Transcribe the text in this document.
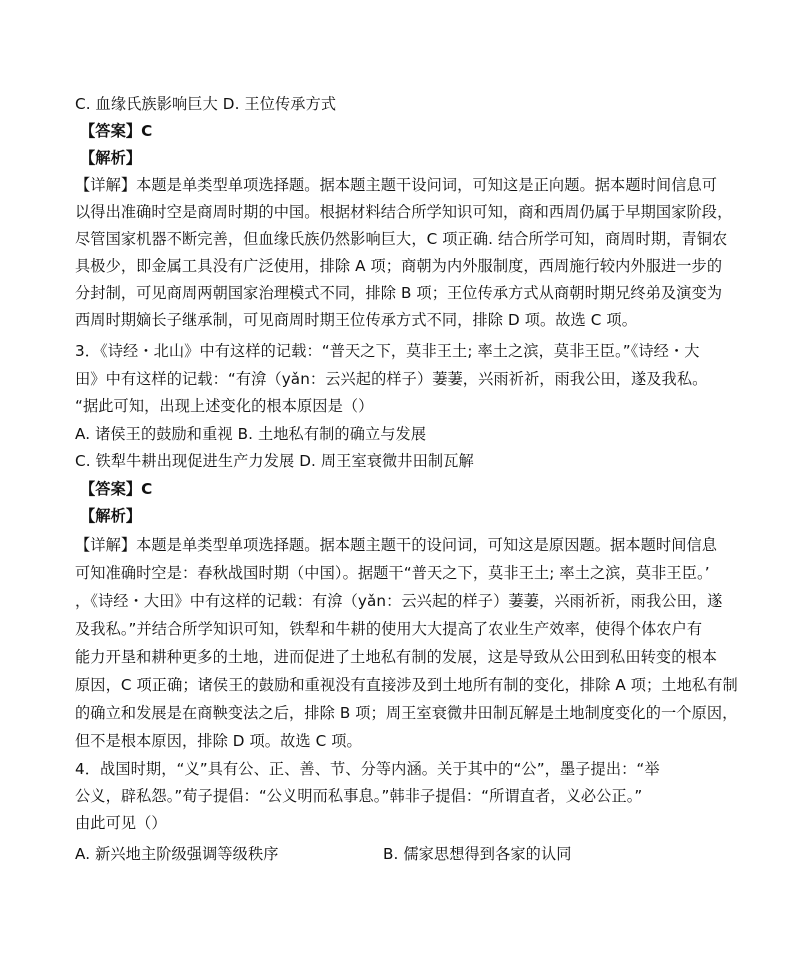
C. 血缘氏族影响巨大 D. 王位传承方式
【答案】C
【解析】
【详解】本题是单类型单项选择题。据本题主题干设问词，可知这是正向题。据本题时间信息可
以得出准确时空是商周时期的中国。根据材料结合所学知识可知，商和西周仍属于早期国家阶段，
尽管国家机器不断完善，但血缘氏族仍然影响巨大，C 项正确. 结合所学可知，商周时期，青铜农
具极少，即金属工具没有广泛使用，排除 A 项；商朝为内外服制度，西周施行较内外服进一步的
分封制，可见商周两朝国家治理模式不同，排除 B 项；王位传承方式从商朝时期兄终弟及演变为
西周时期嫡长子继承制，可见商周时期王位传承方式不同，排除 D 项。故选 C 项。
3．《诗经・北山》中有这样的记载：“普天之下，莫非王土; 率土之滨，莫非王臣。”《诗经・大
田》中有这样的记载：“有渰（yǎn：云兴起的样子）萋萋，兴雨祈祈，雨我公田，遂及我私。
“据此可知，出现上述变化的根本原因是（）
A. 诸侯王的鼓励和重视 B. 土地私有制的确立与发展
C. 铁犁牛耕出现促进生产力发展 D. 周王室衰微井田制瓦解
【答案】C
【解析】
【详解】本题是单类型单项选择题。据本题主题干的设问词，可知这是原因题。据本题时间信息
可知准确时空是：春秋战国时期（中国）。据题干“普天之下，莫非王土; 率土之滨，莫非王臣。’
，《诗经・大田》中有这样的记载：有渰（yǎn：云兴起的样子）萋萋，兴雨祈祈，雨我公田，遂
及我私。”并结合所学知识可知，铁犁和牛耕的使用大大提高了农业生产效率，使得个体农户有
能力开垦和耕种更多的土地，进而促进了土地私有制的发展，这是导致从公田到私田转变的根本
原因，C 项正确；诸侯王的鼓励和重视没有直接涉及到土地所有制的变化，排除 A 项；土地私有制
的确立和发展是在商鞅变法之后，排除 B 项；周王室衰微井田制瓦解是土地制度变化的一个原因，
但不是根本原因，排除 D 项。故选 C 项。
4．战国时期，“义”具有公、正、善、节、分等内涵。关于其中的“公”，墨子提出：“举
公义，辟私怨。”荀子提倡：“公义明而私事息。”韩非子提倡：“所谓直者，义必公正。”
由此可见（）
A. 新兴地主阶级强调等级秩序	B. 儒家思想得到各家的认同
